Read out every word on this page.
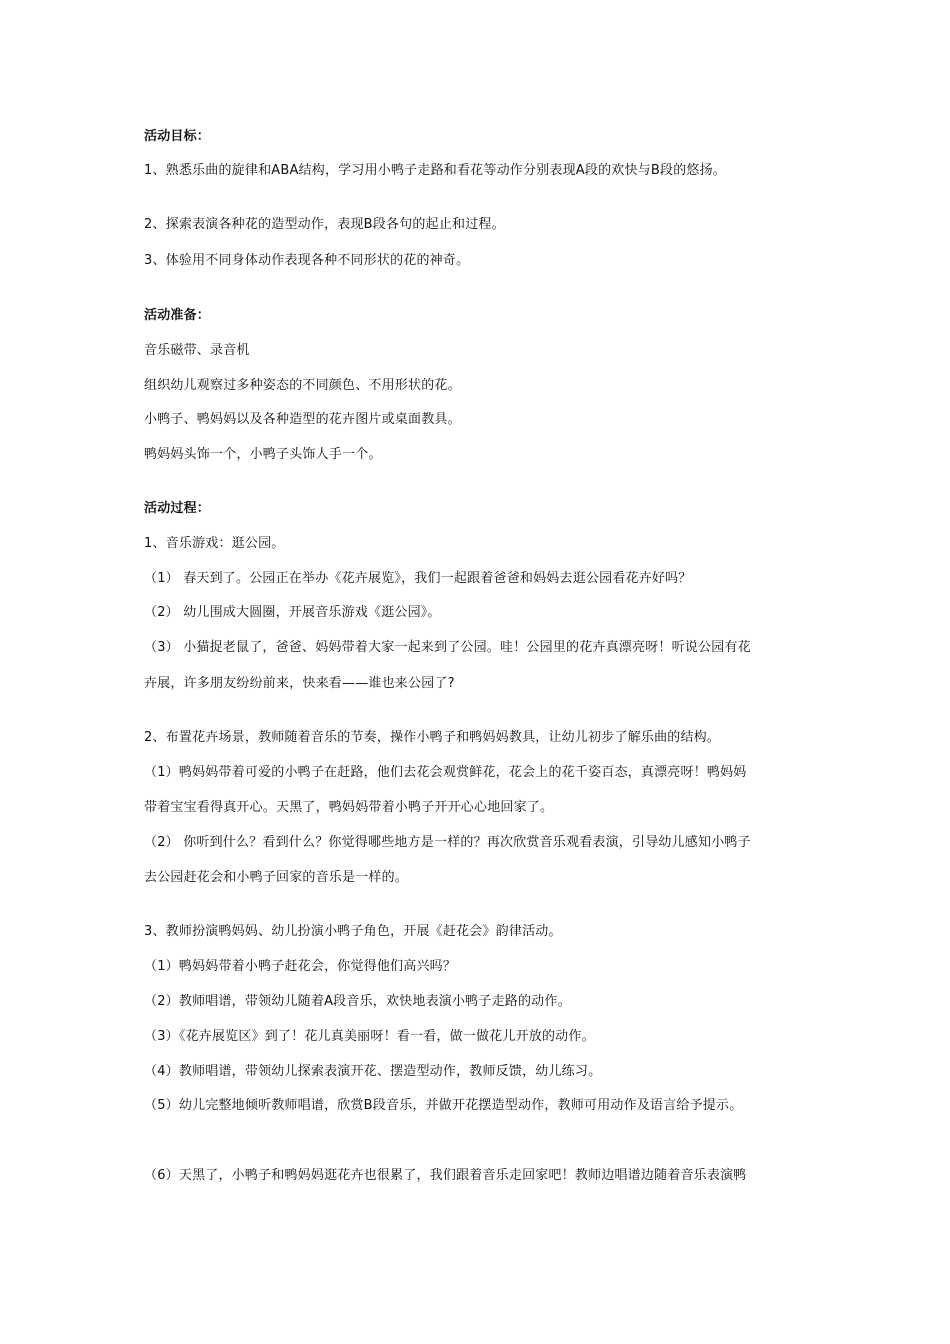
活动目标：

1、熟悉乐曲的旋律和ABA结构，学习用小鸭子走路和看花等动作分别表现A段的欢快与B段的悠扬。

2、探索表演各种花的造型动作，表现B段各句的起止和过程。

3、体验用不同身体动作表现各种不同形状的花的神奇。

活动准备：

音乐磁带、录音机

组织幼儿观察过多种姿态的不同颜色、不用形状的花。

小鸭子、鸭妈妈以及各种造型的花卉图片或桌面教具。

鸭妈妈头饰一个，小鸭子头饰人手一个。

活动过程：

1、音乐游戏：逛公园。

（1） 春天到了。公园正在举办《花卉展览》，我们一起跟着爸爸和妈妈去逛公园看花卉好吗？

（2） 幼儿围成大圆圈，开展音乐游戏《逛公园》。

（3） 小猫捉老鼠了，爸爸、妈妈带着大家一起来到了公园。哇！公园里的花卉真漂亮呀！听说公园有花

卉展，许多朋友纷纷前来，快来看——谁也来公园了?

2、布置花卉场景，教师随着音乐的节奏，操作小鸭子和鸭妈妈教具，让幼儿初步了解乐曲的结构。

（1）鸭妈妈带着可爱的小鸭子在赶路，他们去花会观赏鲜花，花会上的花千姿百态，真漂亮呀！鸭妈妈

带着宝宝看得真开心。天黑了，鸭妈妈带着小鸭子开开心心地回家了。

（2） 你听到什么？看到什么？你觉得哪些地方是一样的？再次欣赏音乐观看表演，引导幼儿感知小鸭子

去公园赶花会和小鸭子回家的音乐是一样的。

3、教师扮演鸭妈妈、幼儿扮演小鸭子角色，开展《赶花会》韵律活动。

（1）鸭妈妈带着小鸭子赶花会，你觉得他们高兴吗？

（2）教师唱谱，带领幼儿随着A段音乐，欢快地表演小鸭子走路的动作。

（3）《花卉展览区》到了！花儿真美丽呀！看一看，做一做花儿开放的动作。

（4）教师唱谱，带领幼儿探索表演开花、摆造型动作，教师反馈，幼儿练习。

（5）幼儿完整地倾听教师唱谱，欣赏B段音乐，并做开花摆造型动作，教师可用动作及语言给予提示。

（6）天黑了，小鸭子和鸭妈妈逛花卉也很累了，我们跟着音乐走回家吧！教师边唱谱边随着音乐表演鸭
